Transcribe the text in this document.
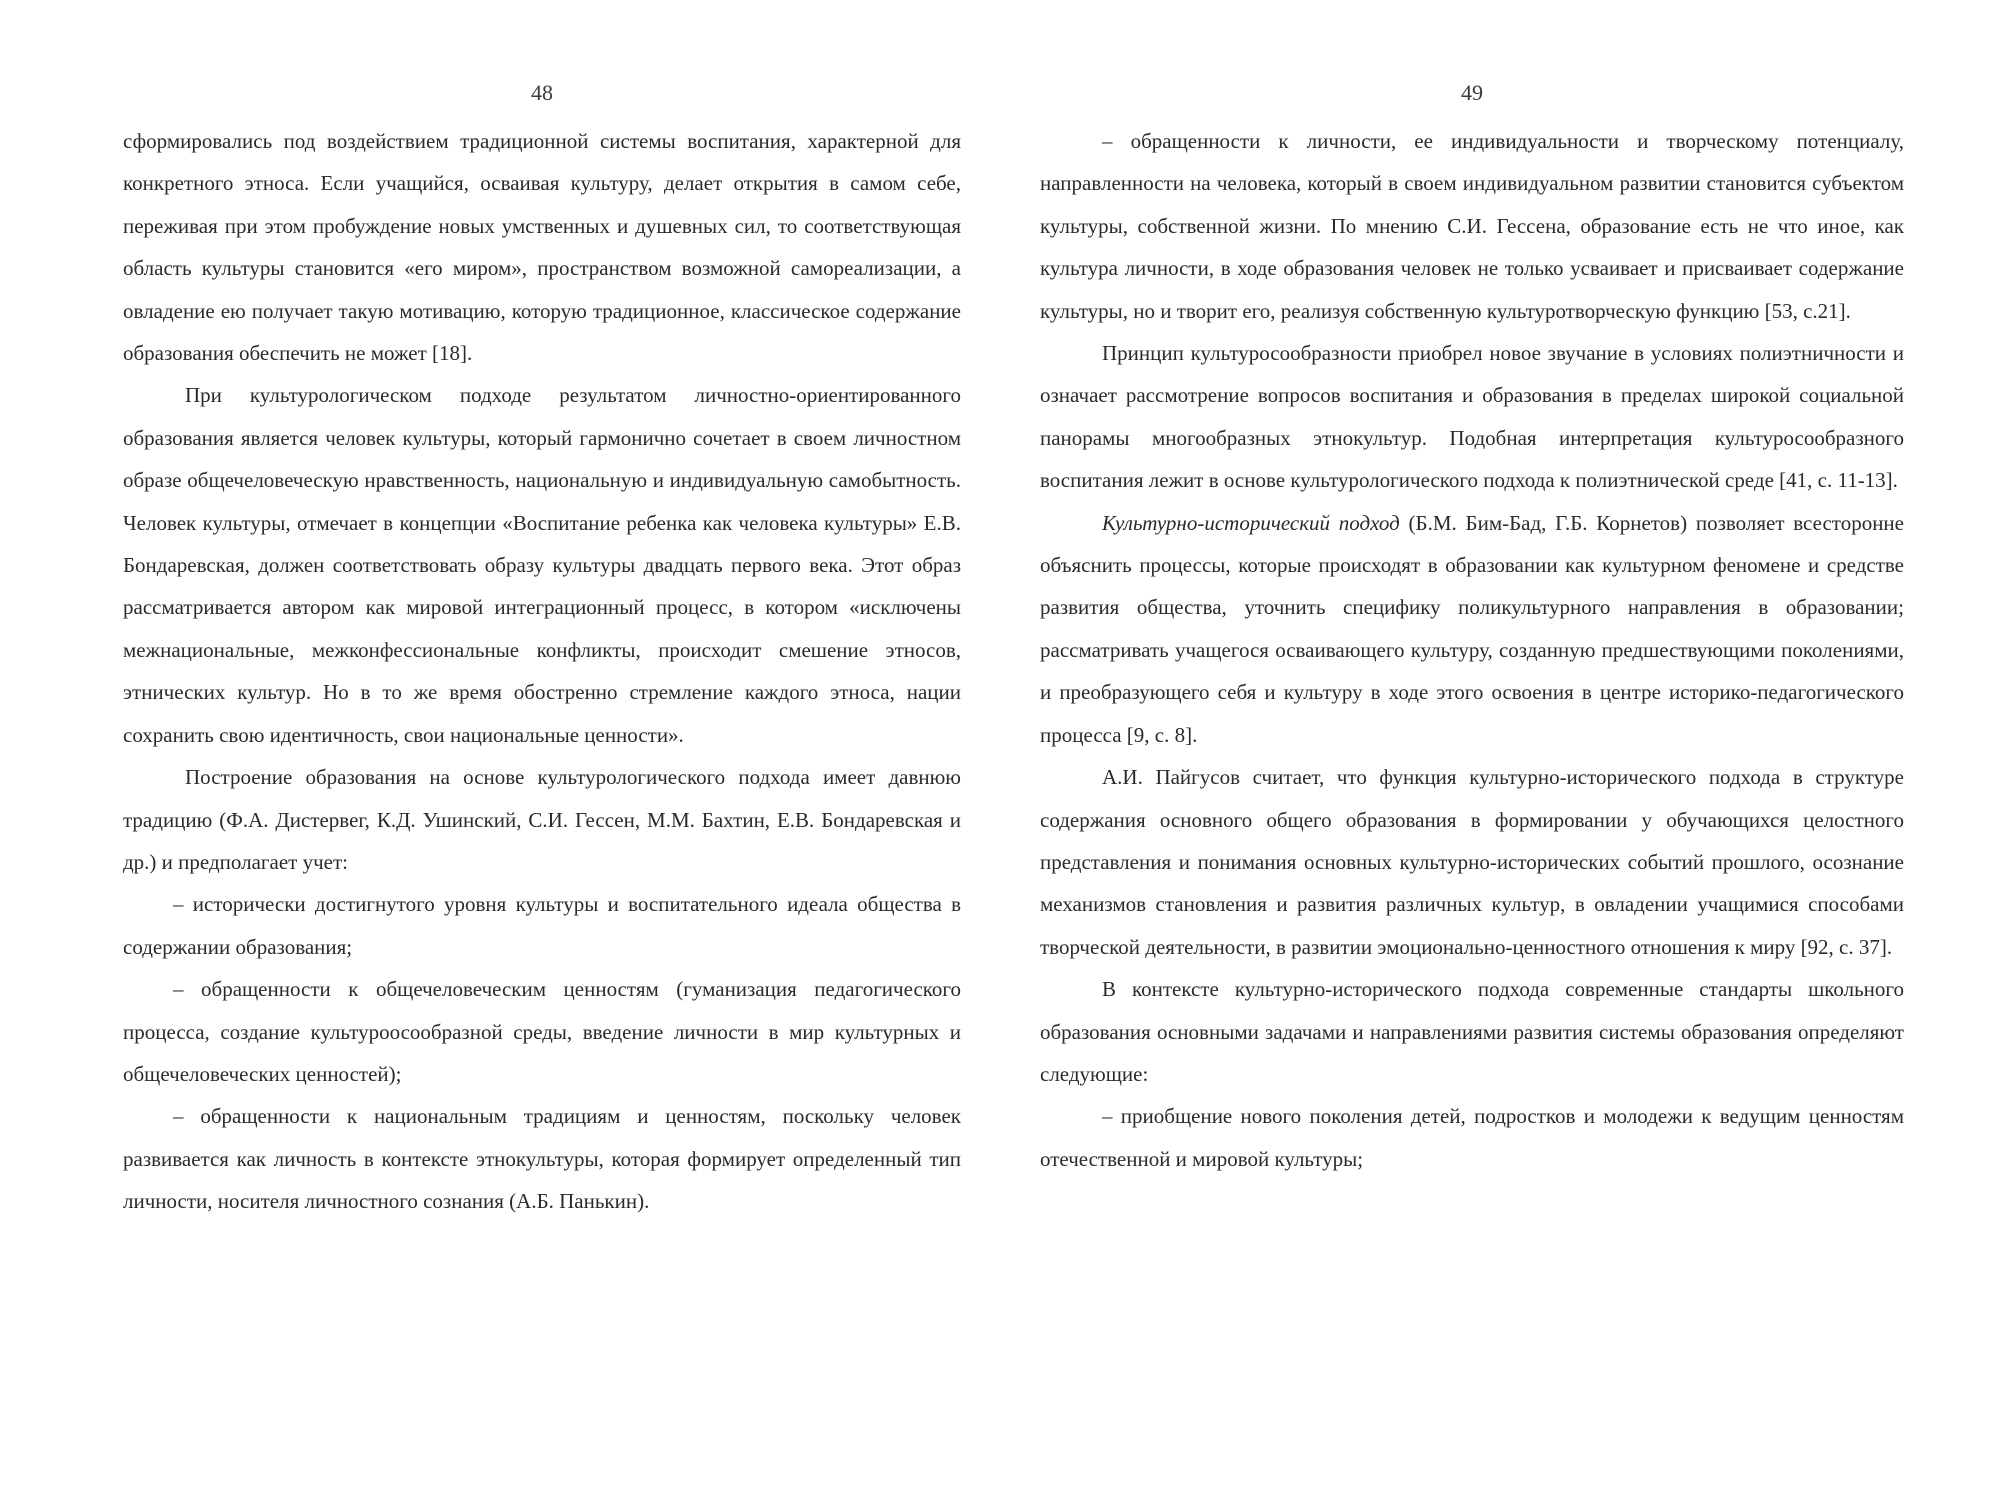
48

сформировались под воздействием традиционной системы воспитания, характерной для конкретного этноса. Если учащийся, осваивая культуру, делает открытия в самом себе, переживая при этом пробуждение новых умственных и душевных сил, то соответствующая область культуры становится «его миром», пространством возможной самореализации, а овладение ею получает такую мотивацию, которую традиционное, классическое содержание образования обеспечить не может [18].

При культурологическом подходе результатом личностно-ориентированного образования является человек культуры, который гармонично сочетает в своем личностном образе общечеловеческую нравственность, национальную и индивидуальную самобытность. Человек культуры, отмечает в концепции «Воспитание ребенка как человека культуры» Е.В. Бондаревская, должен соответствовать образу культуры двадцать первого века. Этот образ рассматривается автором как мировой интеграционный процесс, в котором «исключены межнациональные, межконфессиональные конфликты, происходит смешение этносов, этнических культур. Но в то же время обостренно стремление каждого этноса, нации сохранить свою идентичность, свои национальные ценности».

Построение образования на основе культурологического подхода имеет давнюю традицию (Ф.А. Дистервег, К.Д. Ушинский, С.И. Гессен, М.М. Бахтин, Е.В. Бондаревская и др.) и предполагает учет:

– исторически достигнутого уровня культуры и воспитательного идеала общества в содержании образования;

– обращенности к общечеловеческим ценностям (гуманизация педагогического процесса, создание культуроосообразной среды, введение личности в мир культурных и общечеловеческих ценностей);

– обращенности к национальным традициям и ценностям, поскольку человек развивается как личность в контексте этнокультуры, которая формирует определенный тип личности, носителя личностного сознания (А.Б. Панькин).

49

– обращенности к личности, ее индивидуальности и творческому потенциалу, направленности на человека, который в своем индивидуальном развитии становится субъектом культуры, собственной жизни. По мнению С.И. Гессена, образование есть не что иное, как культура личности, в ходе образования человек не только усваивает и присваивает содержание культуры, но и творит его, реализуя собственную культуротворческую функцию [53, с.21].

Принцип культуросообразности приобрел новое звучание в условиях полиэтничности и означает рассмотрение вопросов воспитания и образования в пределах широкой социальной панорамы многообразных этнокультур. Подобная интерпретация культуросообразного воспитания лежит в основе культурологического подхода к полиэтнической среде [41, с. 11-13].

Культурно-исторический подход (Б.М. Бим-Бад, Г.Б. Корнетов) позволяет всесторонне объяснить процессы, которые происходят в образовании как культурном феномене и средстве развития общества, уточнить специфику поликультурного направления в образовании; рассматривать учащегося осваивающего культуру, созданную предшествующими поколениями, и преобразующего себя и культуру в ходе этого освоения в центре историко-педагогического процесса [9, с. 8].

А.И. Пайгусов считает, что функция культурно-исторического подхода в структуре содержания основного общего образования в формировании у обучающихся целостного представления и понимания основных культурно-исторических событий прошлого, осознание механизмов становления и развития различных культур, в овладении учащимися способами творческой деятельности, в развитии эмоционально-ценностного отношения к миру [92, с. 37].

В контексте культурно-исторического подхода современные стандарты школьного образования основными задачами и направлениями развития системы образования определяют следующие:

– приобщение нового поколения детей, подростков и молодежи к ведущим ценностям отечественной и мировой культуры;
